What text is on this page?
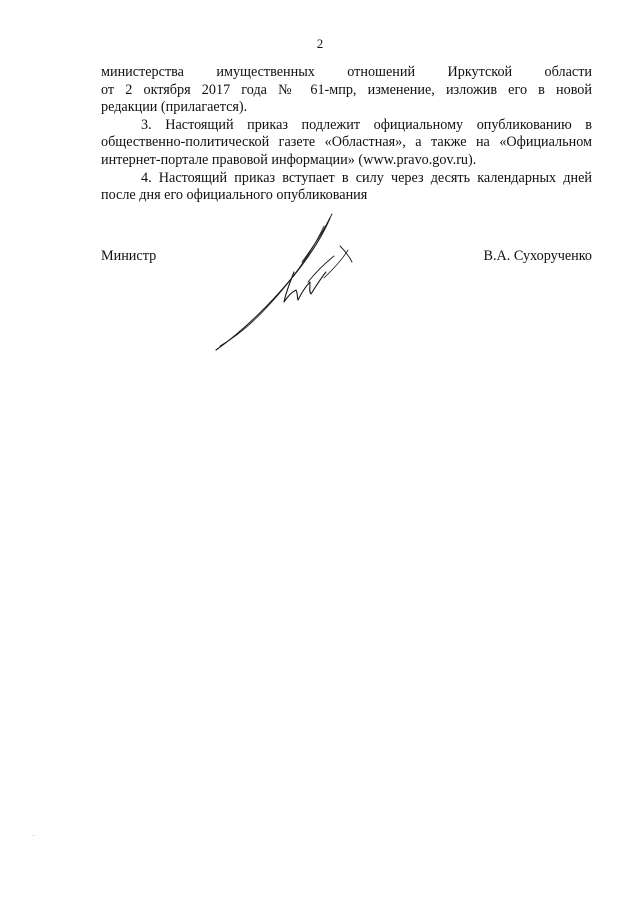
2

министерства имущественных отношений Иркутской области
от 2 октября 2017 года № 61-мпр, изменение, изложив его в новой
редакции (прилагается).

3. Настоящий приказ подлежит официальному опубликованию в
общественно-политической газете «Областная», а также на «Официальном
интернет-портале правовой информации» (www.pravo.gov.ru).

4. Настоящий приказ вступает в силу через десять календарных дней
после дня его официального опубликования

Министр	В.А. Сухорученко
